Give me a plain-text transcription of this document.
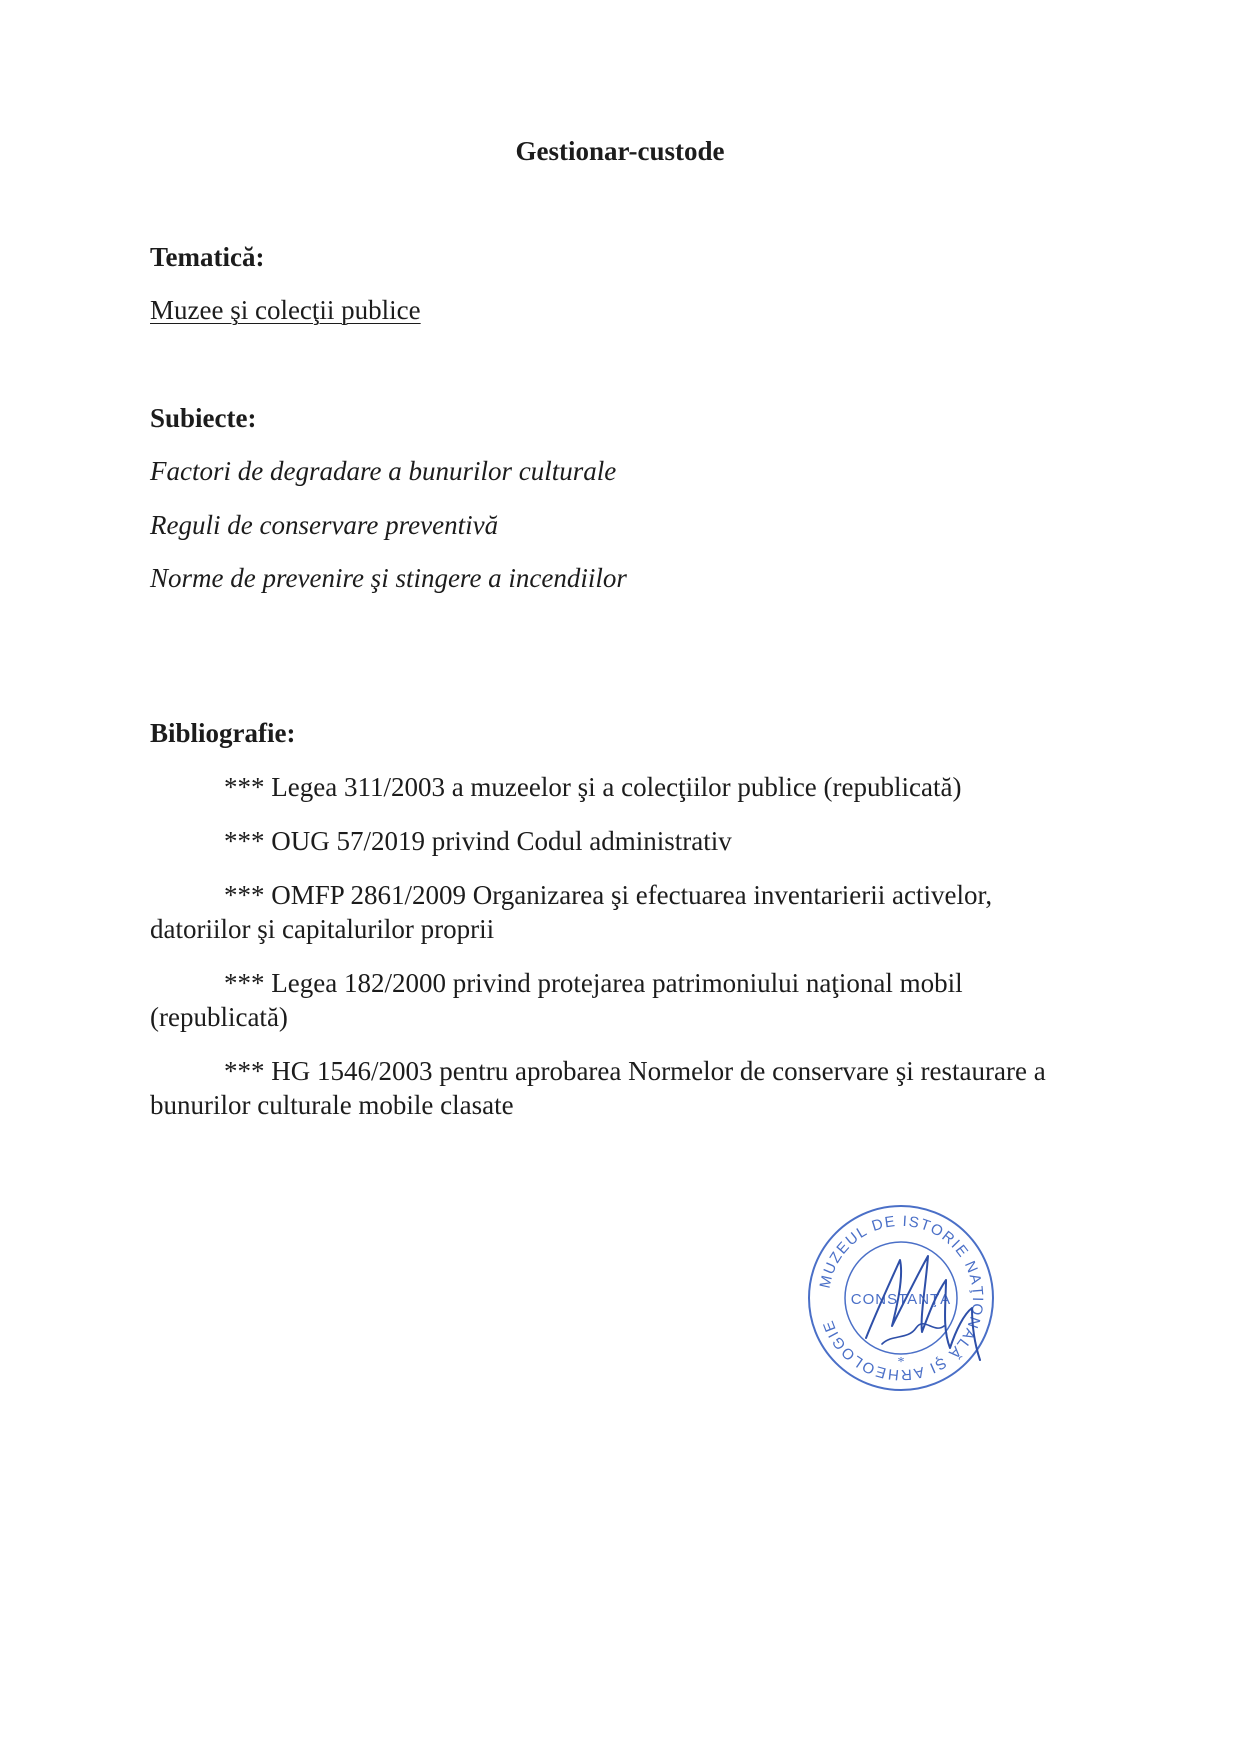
Gestionar-custode
Tematică:
Muzee şi colecţii publice
Subiecte:
Factori de degradare a bunurilor culturale
Reguli de conservare preventivă
Norme de prevenire şi stingere a incendiilor
Bibliografie:
*** Legea 311/2003 a muzeelor şi a colecţiilor publice (republicată)
*** OUG 57/2019 privind Codul administrativ
*** OMFP 2861/2009 Organizarea şi efectuarea inventarierii activelor, datoriilor şi capitalurilor proprii
*** Legea 182/2000 privind protejarea patrimoniului naţional mobil (republicată)
*** HG 1546/2003 pentru aprobarea Normelor de conservare şi restaurare a bunurilor culturale mobile clasate
MUZEUL DE ISTORIE NAŢIONALĂ ŞI ARHEOLOGIE
CONSTANŢA
*
